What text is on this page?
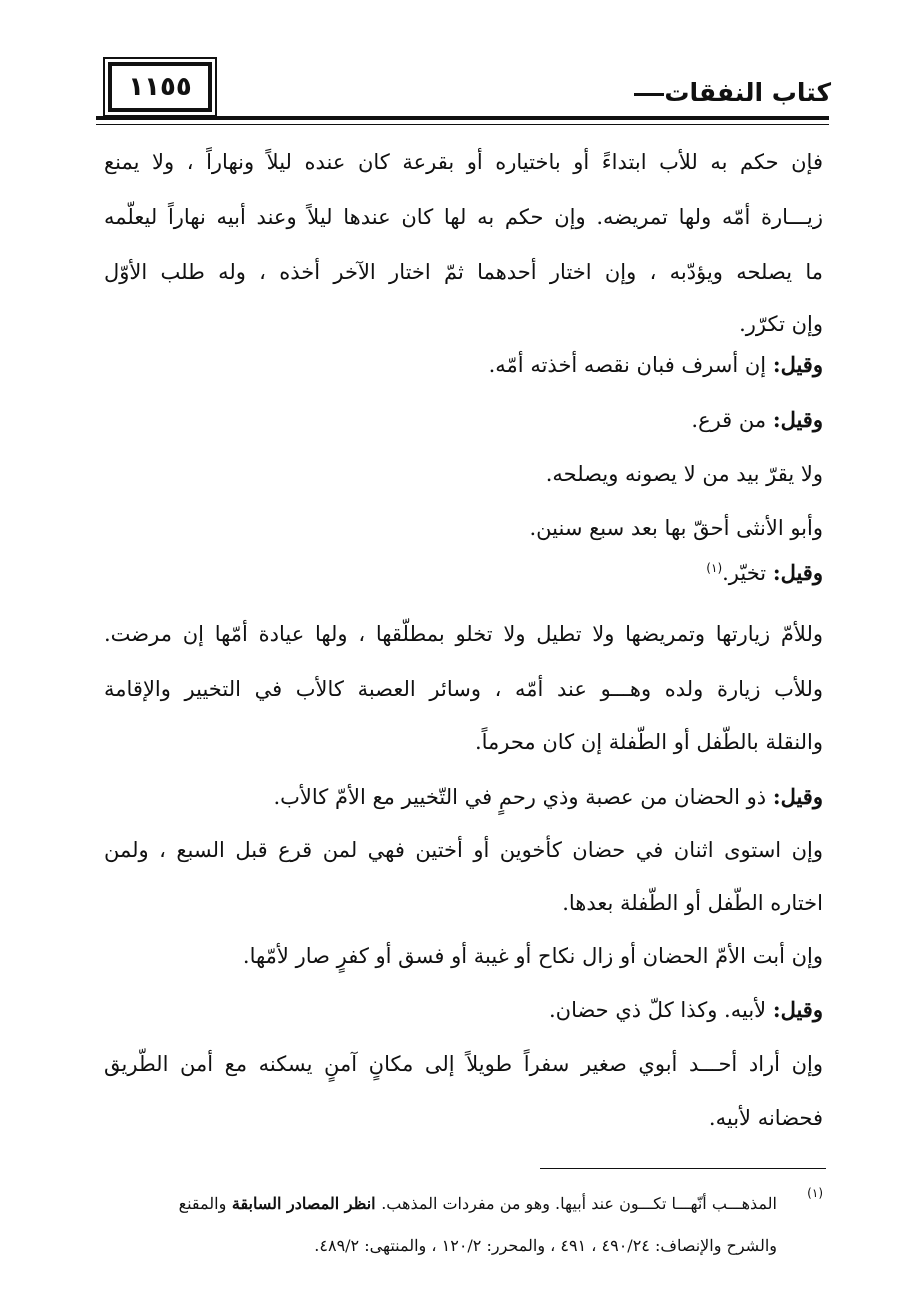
١١٥٥	كتاب النفقات
فإن حكم به للأب ابتداءً أو باختياره أو بقرعة كان عنده ليلاً ونهاراً ، ولا يمنع
زيـــارة أمّه ولها تمريضه. وإن حكم به لها كان عندها ليلاً وعند أبيه نهاراً ليعلّمه
ما يصلحه ويؤدّبه ، وإن اختار أحدهما ثمّ اختار الآخر أخذه ، وله طلب الأوّل
وإن تكرّر.
وقيل: إن أسرف فبان نقصه أخذته أمّه.
وقيل: من قرع.
ولا يقرّ بيد من لا يصونه ويصلحه.
وأبو الأنثى أحقّ بها بعد سبع سنين.
وقيل: تخيّر.$^{(١)}$
وللأمّ زيارتها وتمريضها ولا تطيل ولا تخلو بمطلّقها ، ولها عيادة أمّها إن مرضت.
وللأب زيارة ولده وهـــو عند أمّه ، وسائر العصبة كالأب في التخيير والإقامة
والنقلة بالطّفل أو الطّفلة إن كان محرماً.
وقيل: ذو الحضان من عصبة وذي رحمٍ في التّخيير مع الأمّ كالأب.
وإن استوى اثنان في حضان كأخوين أو أختين فهي لمن قرع قبل السبع ، ولمن
اختاره الطّفل أو الطّفلة بعدها.
وإن أبت الأمّ الحضان أو زال نكاح أو غيبة أو فسق أو كفرٍ صار لأمّها.
وقيل: لأبيه. وكذا كلّ ذي حضان.
وإن أراد أحـــد أبوي صغير سفراً طويلاً إلى مكانٍ آمنٍ يسكنه مع أمن الطّريق
فحضانه لأبيه.
(١)
المذهـــب أنّهـــا تكـــون عند أبيها. وهو من مفردات المذهب. انظر المصادر السابقة والمقنع
والشرح والإنصاف: ٤٩٠/٢٤ ، ٤٩١ ، والمحرر: ١٢٠/٢ ، والمنتهى: ٤٨٩/٢.
